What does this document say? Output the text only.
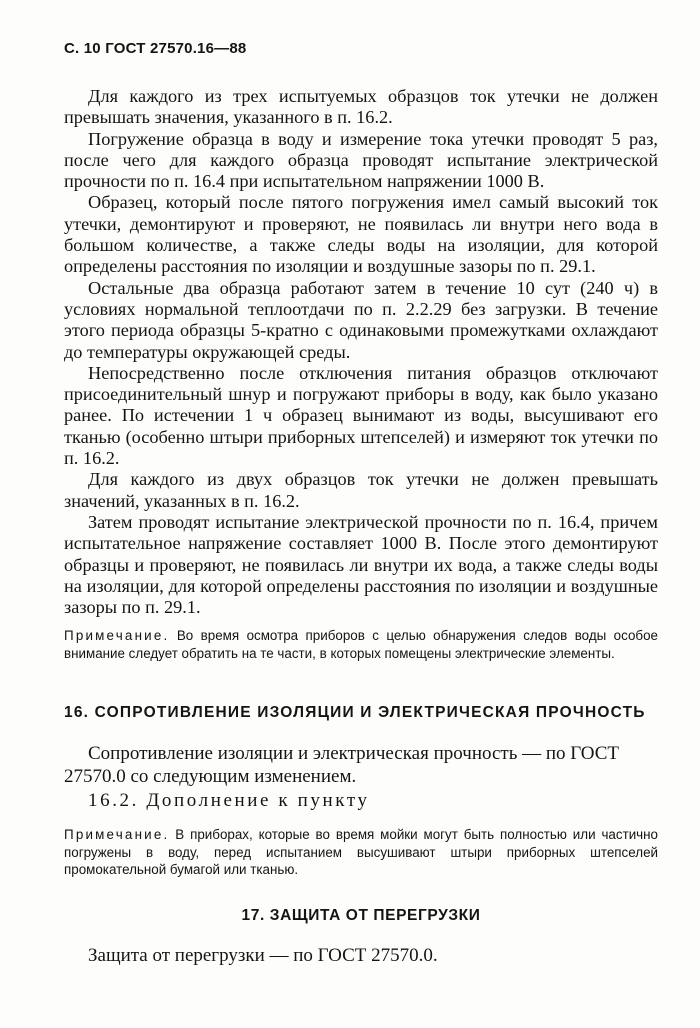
С. 10 ГОСТ 27570.16—88

Для каждого из трех испытуемых образцов ток утечки не должен превышать значения, указанного в п. 16.2.

Погружение образца в воду и измерение тока утечки проводят 5 раз, после чего для каждого образца проводят испытание электрической прочности по п. 16.4 при испытательном напряжении 1000 В.

Образец, который после пятого погружения имел самый высокий ток утечки, демонтируют и проверяют, не появилась ли внутри него вода в большом количестве, а также следы воды на изоляции, для которой определены расстояния по изоляции и воздушные зазоры по п. 29.1.

Остальные два образца работают затем в течение 10 сут (240 ч) в условиях нормальной теплоотдачи по п. 2.2.29 без загрузки. В течение этого периода образцы 5-кратно с одинаковыми промежутками охлаждают до температуры окружающей среды.

Непосредственно после отключения питания образцов отключают присоединительный шнур и погружают приборы в воду, как было указано ранее. По истечении 1 ч образец вынимают из воды, высушивают его тканью (особенно штыри приборных штепселей) и измеряют ток утечки по п. 16.2.

Для каждого из двух образцов ток утечки не должен превышать значений, указанных в п. 16.2.

Затем проводят испытание электрической прочности по п. 16.4, причем испытательное напряжение составляет 1000 В. После этого демонтируют образцы и проверяют, не появилась ли внутри их вода, а также следы воды на изоляции, для которой определены расстояния по изоляции и воздушные зазоры по п. 29.1.

Примечание. Во время осмотра приборов с целью обнаружения следов воды особое внимание следует обратить на те части, в которых помещены электрические элементы.
16. СОПРОТИВЛЕНИЕ ИЗОЛЯЦИИ И ЭЛЕКТРИЧЕСКАЯ ПРОЧНОСТЬ

Сопротивление изоляции и электрическая прочность — по ГОСТ 27570.0 со следующим изменением.

16.2. Дополнение к пункту
Примечание. В приборах, которые во время мойки могут быть полностью или частично погружены в воду, перед испытанием высушивают штыри приборных штепселей промокательной бумагой или тканью.
17. ЗАЩИТА ОТ ПЕРЕГРУЗКИ
Защита от перегрузки — по ГОСТ 27570.0.
